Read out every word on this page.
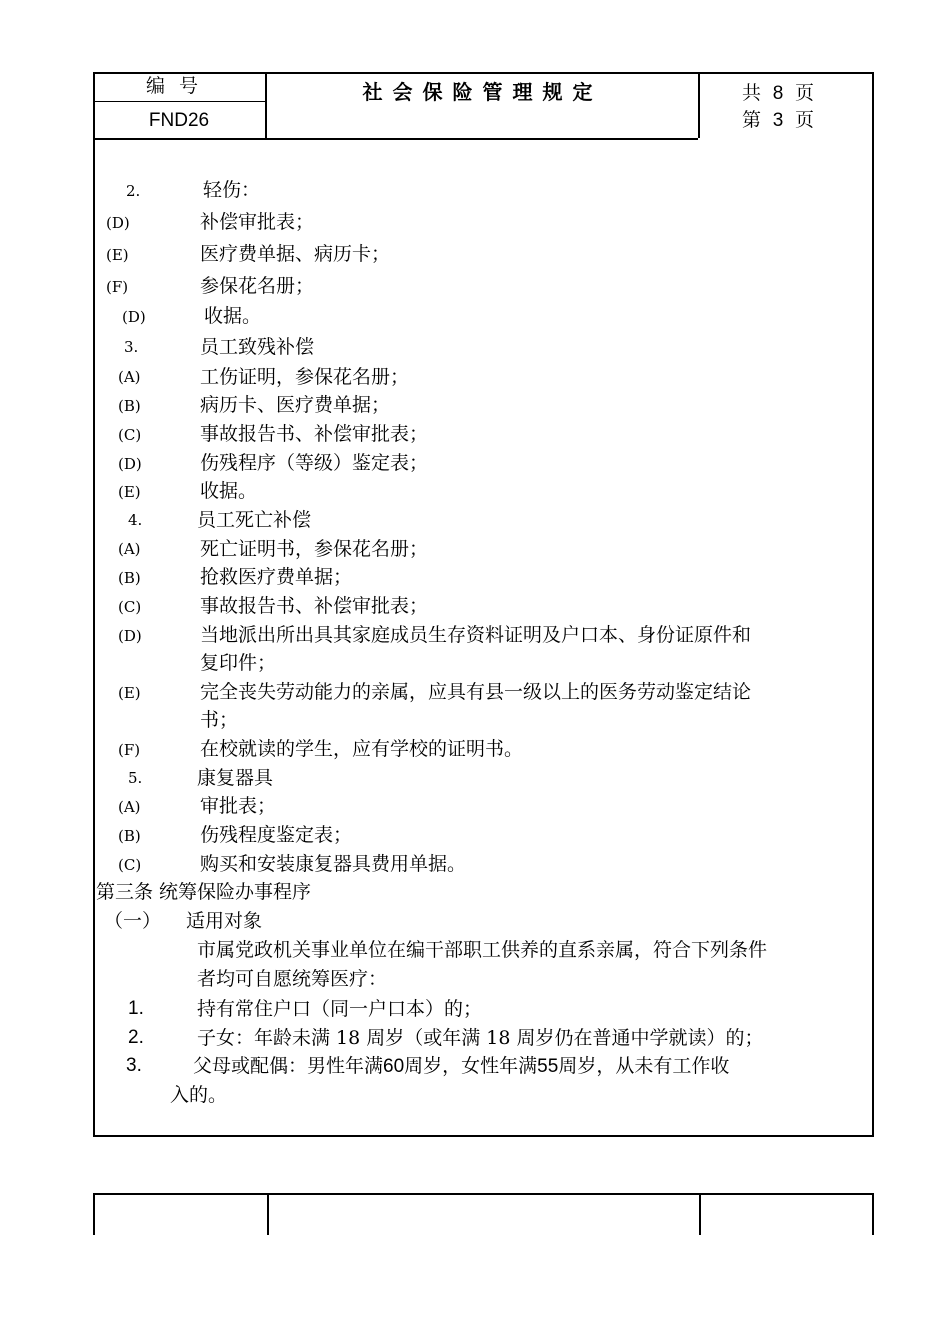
编号
FND26
社会保险管理规定	共 8 页
第 3 页
2.	轻伤：
(D)	补偿审批表；
(E)	医疗费单据、病历卡；
(F)	参保花名册；
(D)	收据。
3.	员工致残补偿
(A)	工伤证明，参保花名册；
(B)	病历卡、医疗费单据；
(C)	事故报告书、补偿审批表；
(D)	伤残程序（等级）鉴定表；
(E)	收据。
4.	员工死亡补偿
(A)	死亡证明书，参保花名册；
(B)	抢救医疗费单据；
(C)	事故报告书、补偿审批表；
(D)	当地派出所出具其家庭成员生存资料证明及户口本、身份证原件和
复印件；
(E)	完全丧失劳动能力的亲属，应具有县一级以上的医务劳动鉴定结论
书；
(F)	在校就读的学生，应有学校的证明书。
5.	康复器具
(A)	审批表；
(B)	伤残程度鉴定表；
(C)	购买和安装康复器具费用单据。
第三条 统筹保险办事程序
（一） 适用对象
市属党政机关事业单位在编干部职工供养的直系亲属，符合下列条件
者均可自愿统筹医疗：
1.	持有常住户口（同一户口本）的；
2.	子女：年龄未满 18 周岁（或年满 18 周岁仍在普通中学就读）的；
3.	父母或配偶：男性年满60周岁，女性年满55周岁，从未有工作收
入的。
